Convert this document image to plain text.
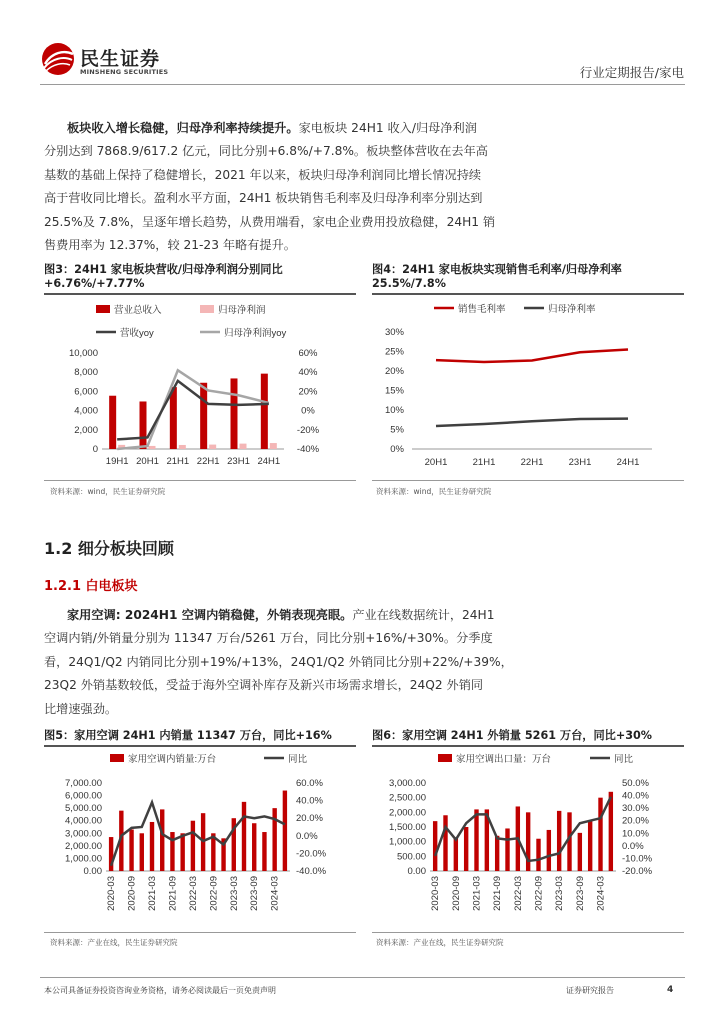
民生证券
MINSHENG SECURITIES	行业定期报告/家电
板块收入增长稳健，归母净利率持续提升。家电板块 24H1 收入/归母净利润
分别达到 7868.9/617.2 亿元，同比分别+6.8%/+7.8%。板块整体营收在去年高
基数的基础上保持了稳健增长，2021 年以来，板块归母净利润同比增长情况持续
高于营收同比增长。盈利水平方面，24H1 板块销售毛利率及归母净利率分别达到
25.5%及 7.8%，呈逐年增长趋势，从费用端看，家电企业费用投放稳健，24H1 销
售费用率为 12.37%，较 21-23 年略有提升。
图3：24H1 家电板块营收/归母净利润分别同比
+6.76%/+7.77%
营业总收入	归母净利润
营收yoy	归母净利润yoy
10,000
8,000
6,000
4,000
2,000
0
60%
40%
20%
0%
-20%
-40%
19H1 20H1 21H1 22H1 23H1 24H1
资料来源：wind，民生证券研究院
图4：24H1 家电板块实现销售毛利率/归母净利率
25.5%/7.8%
销售毛利率	归母净利率
30%
25%
20%
15%
10%
5%
0%
20H1	21H1	22H1	23H1	24H1
资料来源：wind，民生证券研究院
1.2 细分板块回顾
1.2.1 白电板块
家用空调: 2024H1 空调内销稳健，外销表现亮眼。产业在线数据统计，24H1
空调内销/外销量分别为 11347 万台/5261 万台，同比分别+16%/+30%。分季度
看，24Q1/Q2 内销同比分别+19%/+13%，24Q1/Q2 外销同比分别+22%/+39%，
23Q2 外销基数较低，受益于海外空调补库存及新兴市场需求增长，24Q2 外销同
比增速强劲。
图5：家用空调 24H1 内销量 11347 万台，同比+16%
家用空调内销量:万台	同比
7,000.00
6,000.00
5,000.00
4,000.00
3,000.00
2,000.00
1,000.00
0.00
60.0%
40.0%
20.0%
0.0%
-20.0%
-40.0%
2020-03 2020-09 2021-03 2021-09 2022-03 2022-09 2023-03 2023-09 2024-03
资料来源：产业在线，民生证券研究院
图6：家用空调 24H1 外销量 5261 万台，同比+30%
家用空调出口量：万台	同比
3,000.00
2,500.00
2,000.00
1,500.00
1,000.00
500.00
0.00
50.0%
40.0%
30.0%
20.0%
10.0%
0.0%
-10.0%
-20.0%
2020-03 2020-09 2021-03 2021-09 2022-03 2022-09 2023-03 2023-09 2024-03
资料来源：产业在线，民生证券研究院
本公司具备证券投资咨询业务资格，请务必阅读最后一页免责声明	证券研究报告	4
